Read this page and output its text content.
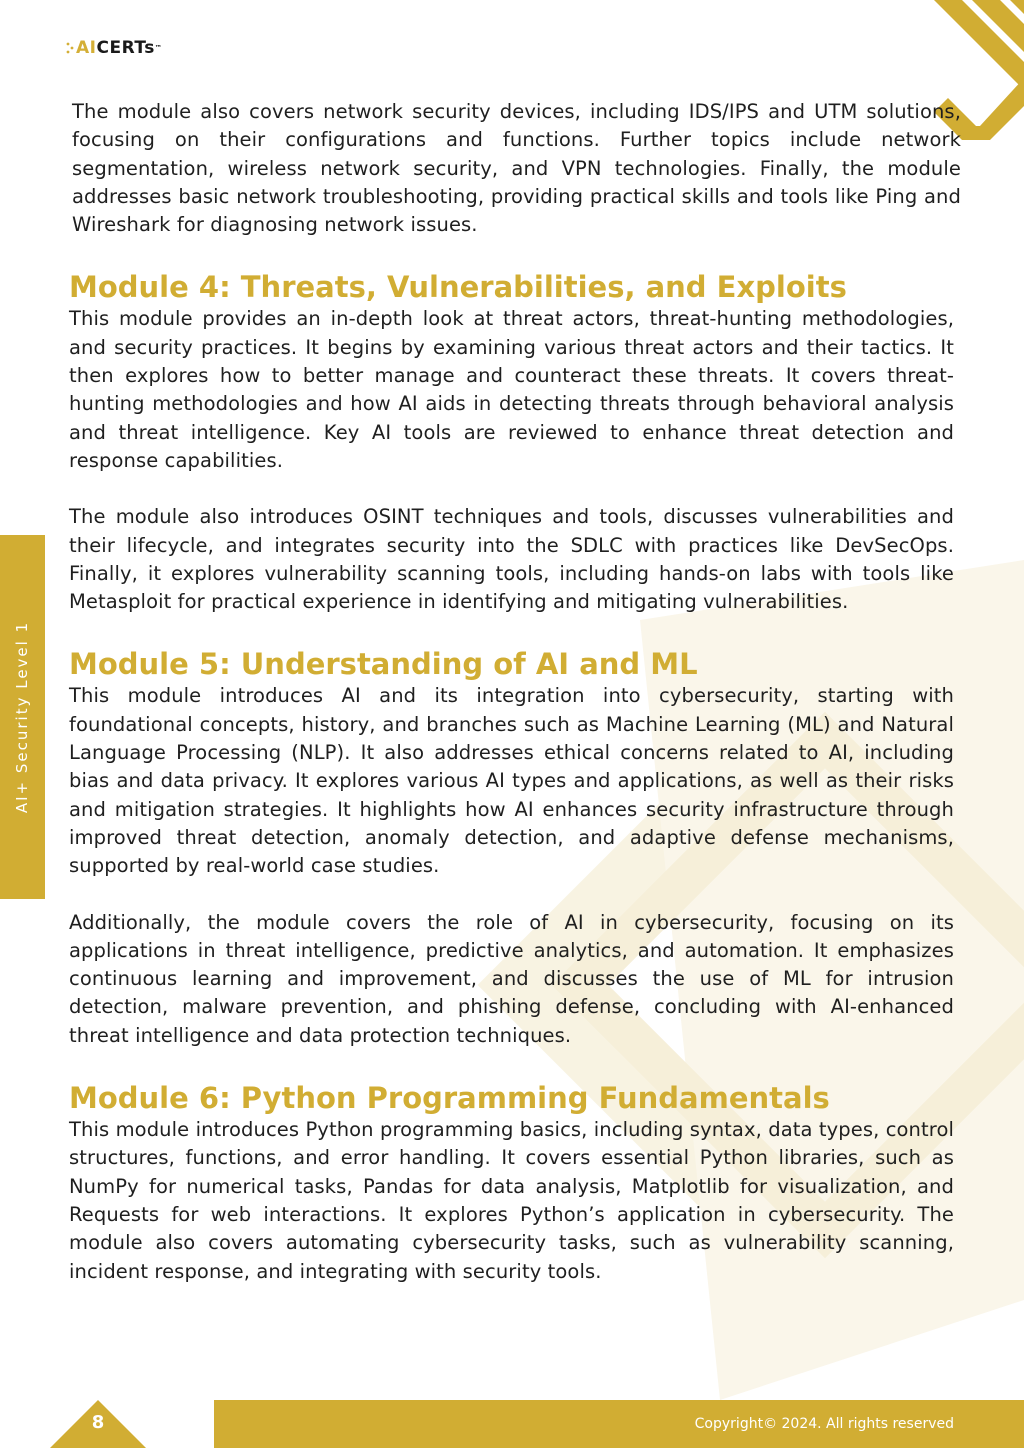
AI CERTs ™
AI+ Security Level 1

The module also covers network security devices, including IDS/IPS and UTM solutions, focusing on their configurations and functions. Further topics include network segmentation, wireless network security, and VPN technologies. Finally, the module addresses basic network troubleshooting, providing practical skills and tools like Ping and Wireshark for diagnosing network issues.

Module 4: Threats, Vulnerabilities, and Exploits

This module provides an in-depth look at threat actors, threat-hunting methodologies, and security practices. It begins by examining various threat actors and their tactics. It then explores how to better manage and counteract these threats. It covers threat-hunting methodologies and how AI aids in detecting threats through behavioral analysis and threat intelligence. Key AI tools are reviewed to enhance threat detection and response capabilities.

The module also introduces OSINT techniques and tools, discusses vulnerabilities and their lifecycle, and integrates security into the SDLC with practices like DevSecOps. Finally, it explores vulnerability scanning tools, including hands-on labs with tools like Metasploit for practical experience in identifying and mitigating vulnerabilities.

Module 5: Understanding of AI and ML

This module introduces AI and its integration into cybersecurity, starting with foundational concepts, history, and branches such as Machine Learning (ML) and Natural Language Processing (NLP). It also addresses ethical concerns related to AI, including bias and data privacy. It explores various AI types and applications, as well as their risks and mitigation strategies. It highlights how AI enhances security infrastructure through improved threat detection, anomaly detection, and adaptive defense mechanisms, supported by real-world case studies.

Additionally, the module covers the role of AI in cybersecurity, focusing on its applications in threat intelligence, predictive analytics, and automation. It emphasizes continuous learning and improvement, and discusses the use of ML for intrusion detection, malware prevention, and phishing defense, concluding with AI-enhanced threat intelligence and data protection techniques.

Module 6: Python Programming Fundamentals

This module introduces Python programming basics, including syntax, data types, control structures, functions, and error handling. It covers essential Python libraries, such as NumPy for numerical tasks, Pandas for data analysis, Matplotlib for visualization, and Requests for web interactions. It explores Python’s application in cybersecurity. The module also covers automating cybersecurity tasks, such as vulnerability scanning, incident response, and integrating with security tools.

8	Copyright© 2024. All rights reserved
